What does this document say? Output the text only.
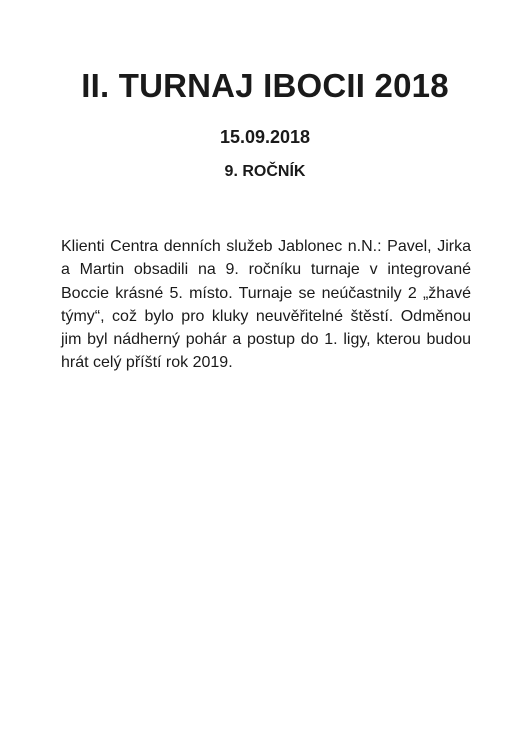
II. TURNAJ IBOCII 2018
15.09.2018
9. ROČNÍK

Klienti Centra denních služeb Jablonec n.N.: Pavel, Jirka a Martin obsadili na 9. ročníku turnaje v integrované Boccie krásné 5. místo. Turnaje se neúčastnily 2 „žhavé týmy“, což bylo pro kluky neuvěřitelné štěstí. Odměnou jim byl nádherný pohár a postup do 1. ligy, kterou budou hrát celý příští rok 2019.
